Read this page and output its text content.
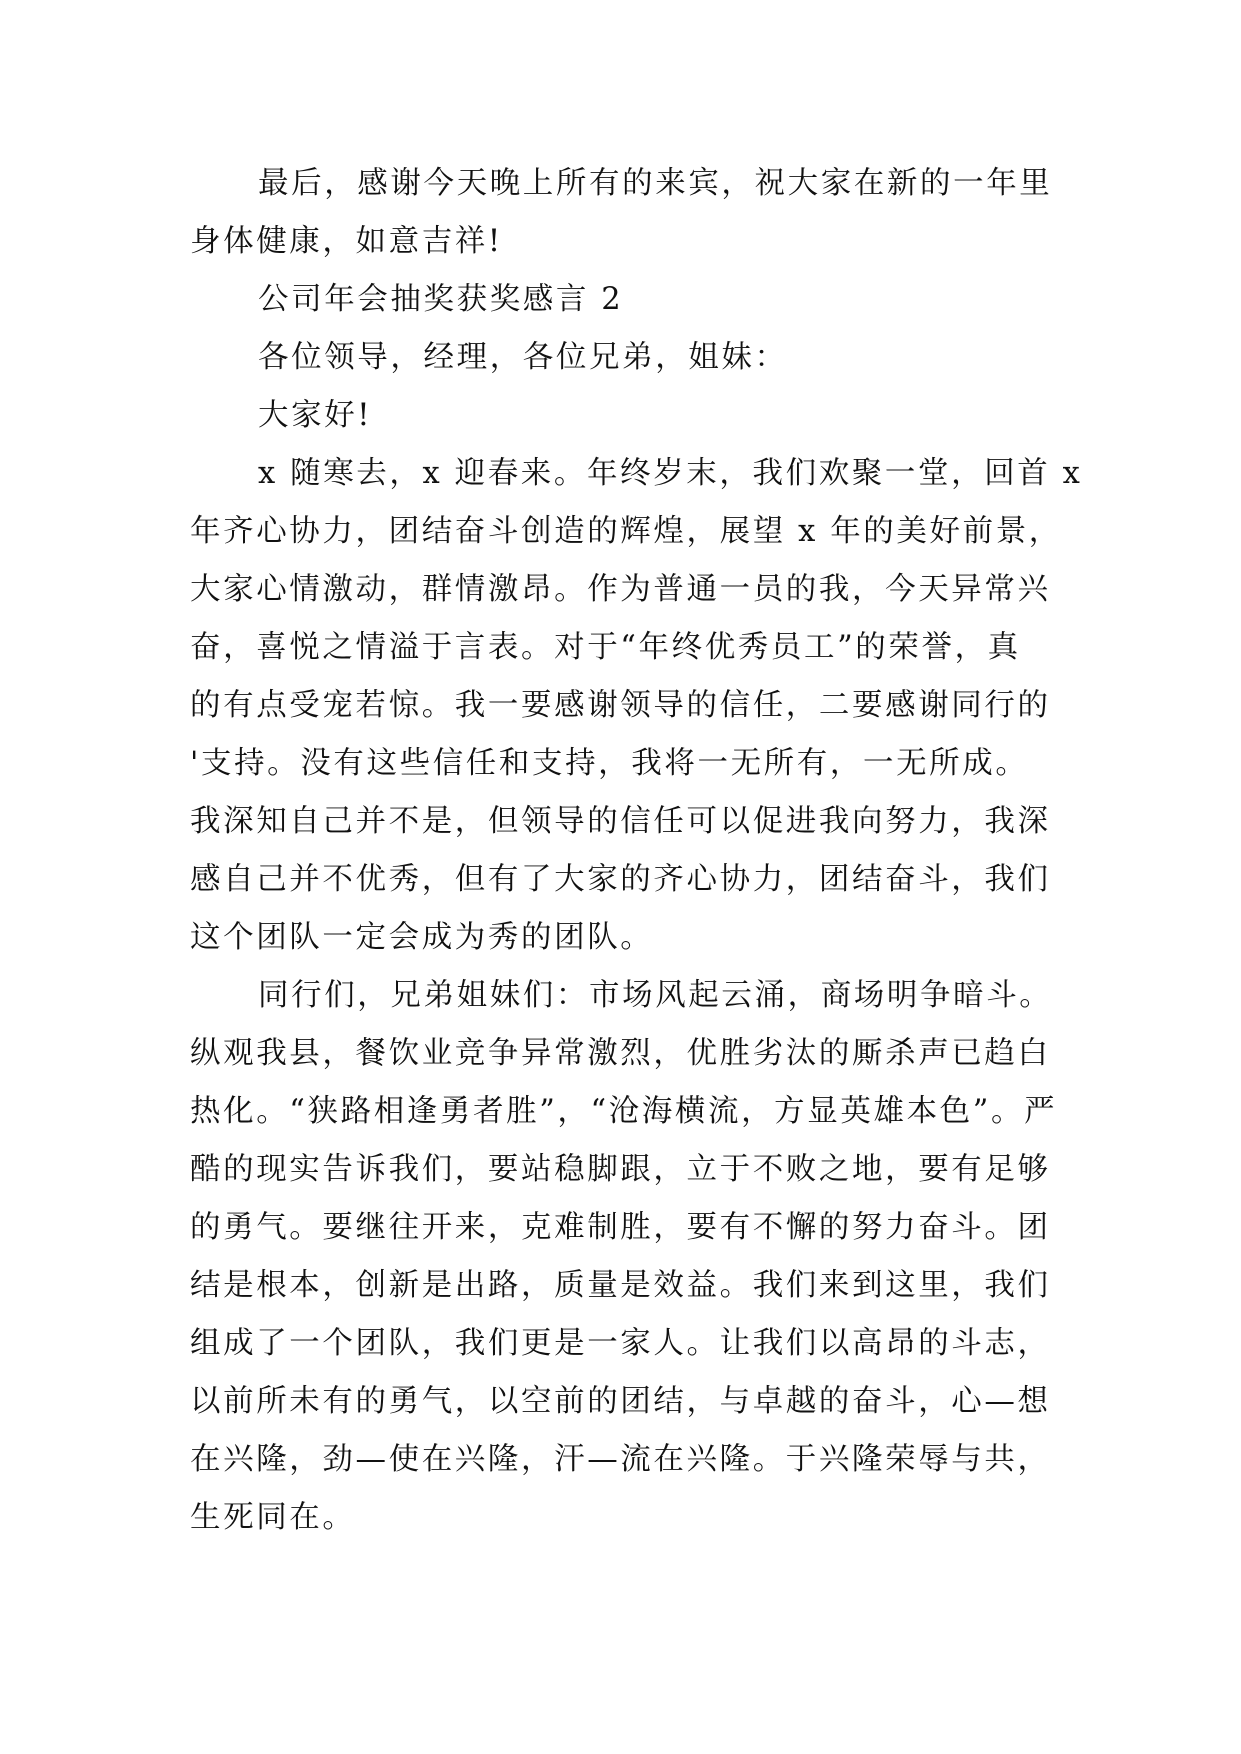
最后，感谢今天晚上所有的来宾，祝大家在新的一年里
身体健康，如意吉祥!
公司年会抽奖获奖感言 2
各位领导，经理，各位兄弟，姐妹：
大家好!
x 随寒去，x 迎春来。年终岁末，我们欢聚一堂，回首 x
年齐心协力，团结奋斗创造的辉煌，展望 x 年的美好前景，
大家心情激动，群情激昂。作为普通一员的我，今天异常兴
奋，喜悦之情溢于言表。对于“年终优秀员工”的荣誉，真
的有点受宠若惊。我一要感谢领导的信任，二要感谢同行的
'支持。没有这些信任和支持，我将一无所有，一无所成。
我深知自己并不是，但领导的信任可以促进我向努力，我深
感自己并不优秀，但有了大家的齐心协力，团结奋斗，我们
这个团队一定会成为秀的团队。
同行们，兄弟姐妹们：市场风起云涌，商场明争暗斗。
纵观我县，餐饮业竞争异常激烈，优胜劣汰的厮杀声已趋白
热化。“狭路相逢勇者胜”，“沧海横流，方显英雄本色”。严
酷的现实告诉我们，要站稳脚跟，立于不败之地，要有足够
的勇气。要继往开来，克难制胜，要有不懈的努力奋斗。团
结是根本，创新是出路，质量是效益。我们来到这里，我们
组成了一个团队，我们更是一家人。让我们以高昂的斗志，
以前所未有的勇气，以空前的团结，与卓越的奋斗，心—想
在兴隆，劲—使在兴隆，汗—流在兴隆。于兴隆荣辱与共，
生死同在。
